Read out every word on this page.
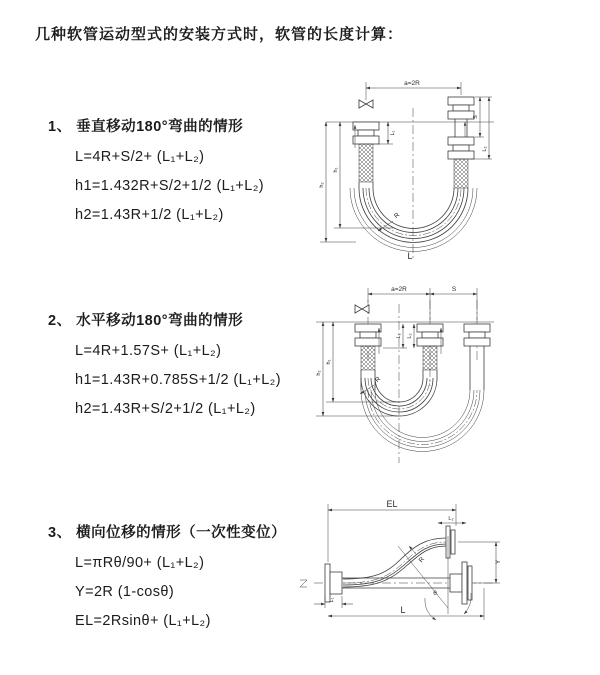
几种软管运动型式的安装方式时，软管的长度计算：

1、 垂直移动180°弯曲的情形

L=4R+S/2+ (L₁+L₂)

h1=1.432R+S/2+1/2 (L₁+L₂)

h2=1.43R+1/2 (L₁+L₂)

2、 水平移动180°弯曲的情形

L=4R+1.57S+ (L₁+L₂)

h1=1.43R+0.785S+1/2 (L₁+L₂)

h2=1.43R+S/2+1/2 (L₁+L₂)

3、 横向位移的情形（一次性变位）

L=πRθ/90+ (L₁+L₂)

Y=2R (1-cosθ)

EL=2Rsinθ+ (L₁+L₂)

a=2R
L₁
S
L₂
h₁
h₂
R
L
a=2R	S
L₁ L₂
h₁
h₂
R
EL
L₂
θ
R	Y
L₁
L
